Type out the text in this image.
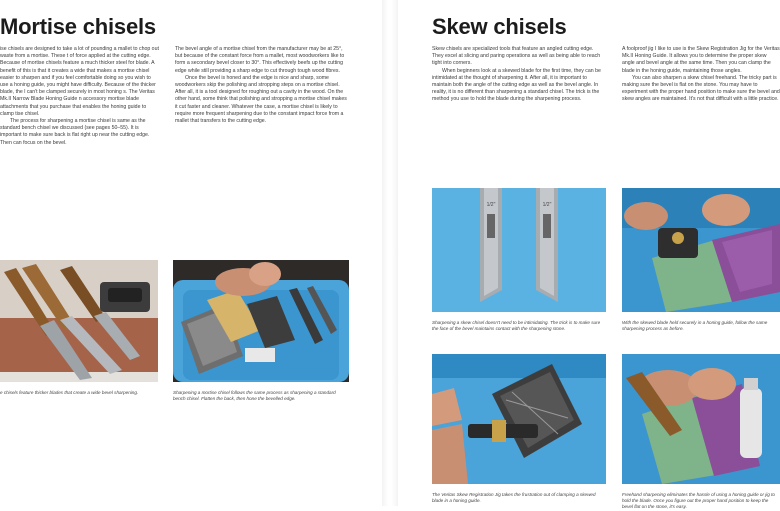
Mortise chisels

ise chisels are designed to take a lot of pounding a mallet to chop out waste from a mortise. These t of force applied at the cutting edge. Because of mortise chisels feature a much thicker steel for blade. A benefit of this is that it creates a wide that makes a mortise chisel easier to sharpen and if you feel comfortable doing so you wish to use a honing guide, you might have difficulty. Because of the thicker blade, the l can't be clamped securely in most honing s. The Veritas Mk.II Narrow Blade Honing Guide n accessory mortise blade attachments that you purchase that enables the honing guide to clamp tise chisel.

The process for sharpening a mortise chisel is same as the standard bench chisel we discussed (see pages 50–55). It is important to make sure back is flat right up near the cutting edge. Then can focus on the bevel.

The bevel angle of a mortise chisel from the manufacturer may be at 25°, but because of the constant force from a mallet, most woodworkers like to form a secondary bevel closer to 30°. This effectively beefs up the cutting edge while still providing a sharp edge to cut through tough wood fibres.

Once the bevel is honed and the edge is nice and sharp, some woodworkers skip the polishing and stropping steps on a mortise chisel. After all, it is a tool designed for roughing out a cavity in the wood. On the other hand, some think that polishing and stropping a mortise chisel makes it cut faster and cleaner. Whatever the case, a mortise chisel is likely to require more frequent sharpening due to the constant impact force from a mallet that transfers to the cutting edge.

e chisels feature thicker blades that create a wide bevel sharpening.	Sharpening a mortise chisel follows the same process as sharpening a standard bench chisel. Flatten the back, then hone the bevelled edge.
Skew chisels

Skew chisels are specialized tools that feature an angled cutting edge. They excel at slicing and paring operations as well as being able to reach tight into corners.

When beginners look at a skewed blade for the first time, they can be intimidated at the thought of sharpening it. After all, it is important to maintain both the angle of the cutting edge as well as the bevel angle. In reality, it is no different than sharpening a standard chisel. The trick is the method you use to hold the blade during the sharpening process.

A foolproof jig I like to use is the Skew Registration Jig for the Veritas Mk.II Honing Guide. It allows you to determine the proper skew angle and bevel angle at the same time. Then you can clamp the blade in the honing guide, maintaining those angles.

You can also sharpen a skew chisel freehand. The tricky part is making sure the bevel is flat on the stone. You may have to experiment with the proper hand position to make sure the bevel and skew angles are maintained. It's not that difficult with a little practice.

1/2"	1/2"
Sharpening a skew chisel doesn't need to be intimidating. The trick is to make sure the face of the bevel maintains contact with the sharpening stone.
With the skewed blade held securely in a honing guide, follow the same sharpening process as before.
The Veritas Skew Registration Jig takes the frustration out of clamping a skewed blade in a honing guide.
Freehand sharpening eliminates the hassle of using a honing guide or jig to hold the blade. Once you figure out the proper hand position to keep the bevel flat on the stone, it's easy.
